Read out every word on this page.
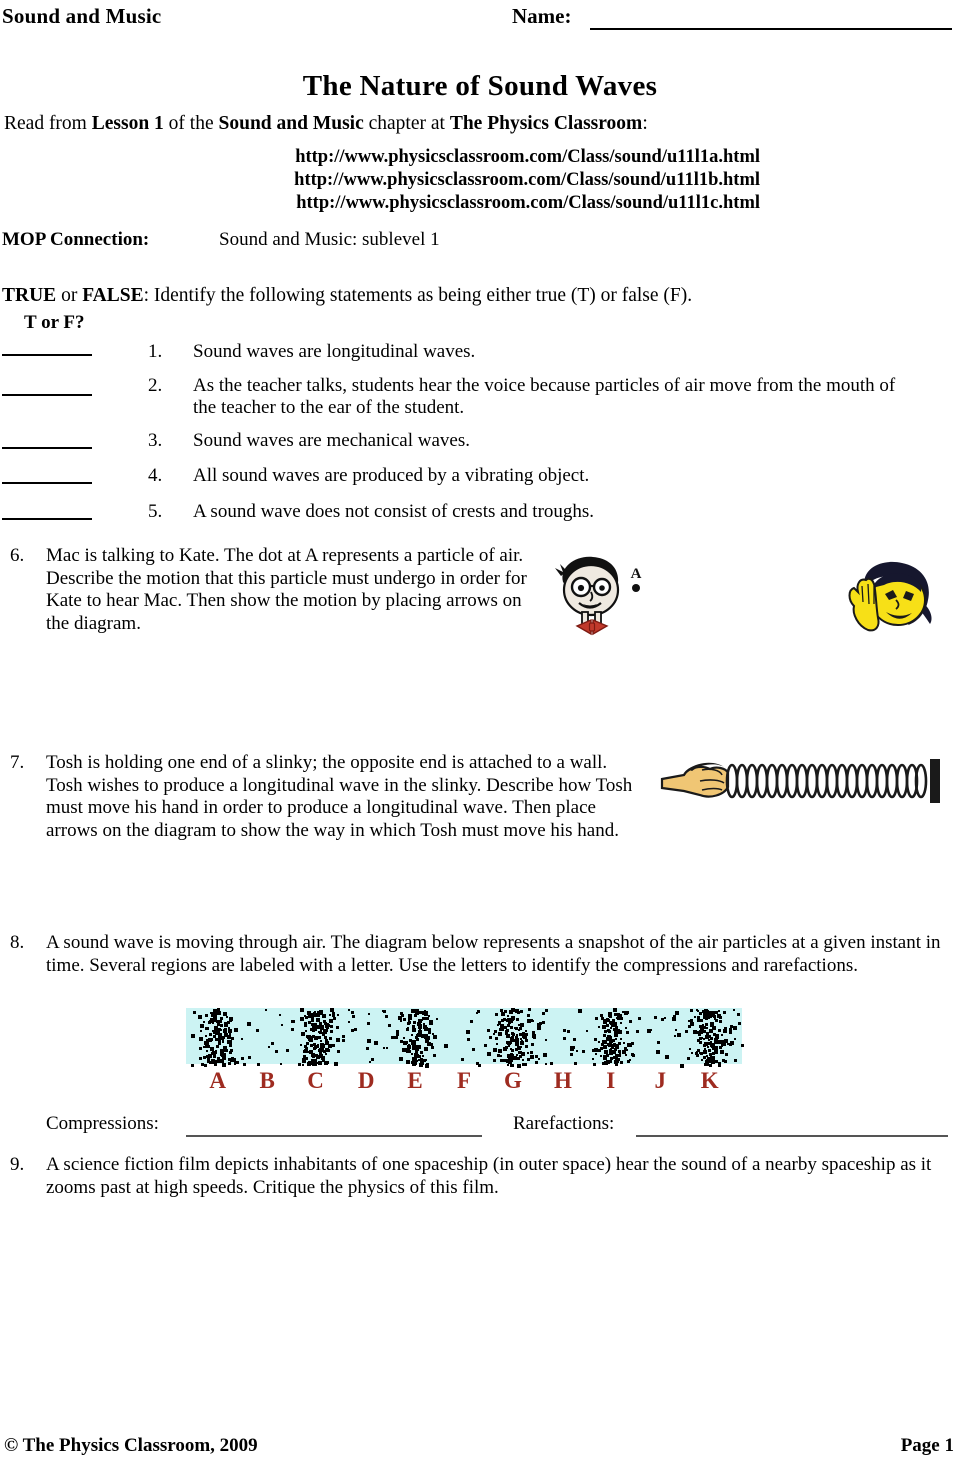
Sound and Music	Name:
The Nature of Sound Waves
Read from Lesson 1 of the Sound and Music chapter at The Physics Classroom:
http://www.physicsclassroom.com/Class/sound/u11l1a.html
http://www.physicsclassroom.com/Class/sound/u11l1b.html
http://www.physicsclassroom.com/Class/sound/u11l1c.html
MOP Connection:	Sound and Music: sublevel 1
TRUE or FALSE: Identify the following statements as being either true (T) or false (F).
T or F?
1.	Sound waves are longitudinal waves.
2.	As the teacher talks, students hear the voice because particles of air move from the mouth of the teacher to the ear of the student.
3.	Sound waves are mechanical waves.
4.	All sound waves are produced by a vibrating object.
5.	A sound wave does not consist of crests and troughs.
6. Mac is talking to Kate. The dot at A represents a particle of air. Describe the motion that this particle must undergo in order for Kate to hear Mac. Then show the motion by placing arrows on the diagram.
A
7. Tosh is holding one end of a slinky; the opposite end is attached to a wall. Tosh wishes to produce a longitudinal wave in the slinky. Describe how Tosh must move his hand in order to produce a longitudinal wave. Then place arrows on the diagram to show the way in which Tosh must move his hand.
8. A sound wave is moving through air. The diagram below represents a snapshot of the air particles at a given instant in time. Several regions are labeled with a letter. Use the letters to identify the compressions and rarefactions.
A B C D E F G H I J K
Compressions:	Rarefactions:
9. A science fiction film depicts inhabitants of one spaceship (in outer space) hear the sound of a nearby spaceship as it zooms past at high speeds. Critique the physics of this film.
© The Physics Classroom, 2009	Page 1
